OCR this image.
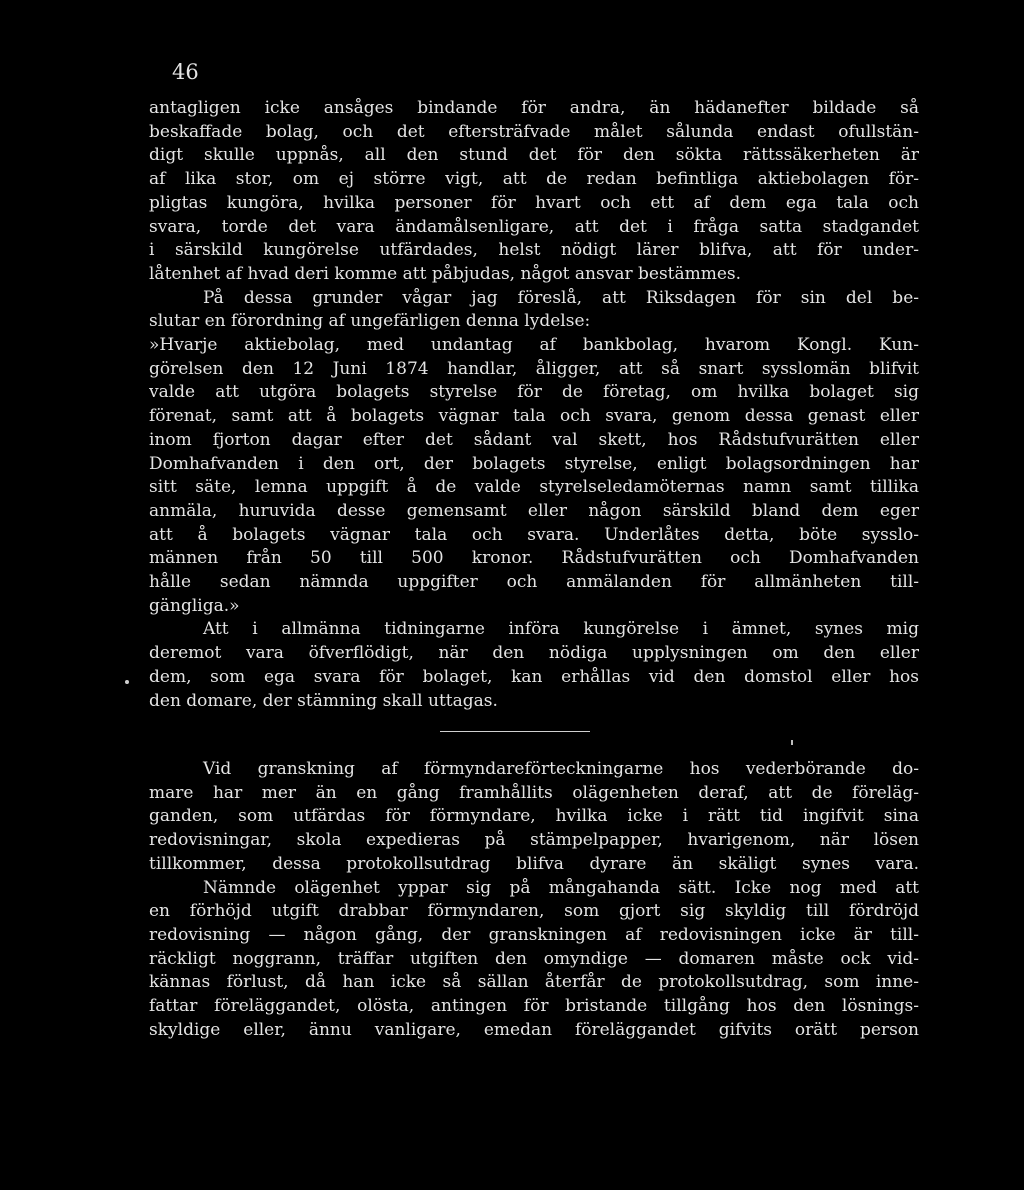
46
antagligen icke ansåges bindande för andra, än hädanefter bildade så
beskaffade bolag, och det eftersträfvade målet sålunda endast ofullstän-
digt skulle uppnås, all den stund det för den sökta rättssäkerheten är
af lika stor, om ej större vigt, att de redan befintliga aktiebolagen för-
pligtas kungöra, hvilka personer för hvart och ett af dem ega tala och
svara, torde det vara ändamålsenligare, att det i fråga satta stadgandet
i särskild kungörelse utfärdades, helst nödigt lärer blifva, att för under-
låtenhet af hvad deri komme att påbjudas, något ansvar bestämmes.
På dessa grunder vågar jag föreslå, att Riksdagen för sin del be-
slutar en förordning af ungefärligen denna lydelse:
»Hvarje aktiebolag, med undantag af bankbolag, hvarom Kongl. Kun-
görelsen den 12 Juni 1874 handlar, åligger, att så snart sysslomän blifvit
valde att utgöra bolagets styrelse för de företag, om hvilka bolaget sig
förenat, samt att å bolagets vägnar tala och svara, genom dessa genast eller
inom fjorton dagar efter det sådant val skett, hos Rådstufvurätten eller
Domhafvanden i den ort, der bolagets styrelse, enligt bolagsordningen har
sitt säte, lemna uppgift å de valde styrelseledamöternas namn samt tillika
anmäla, huruvida desse gemensamt eller någon särskild bland dem eger
att å bolagets vägnar tala och svara. Underlåtes detta, böte sysslo-
männen från 50 till 500 kronor. Rådstufvurätten och Domhafvanden
hålle sedan nämnda uppgifter och anmälanden för allmänheten till-
gängliga.»
Att i allmänna tidningarne införa kungörelse i ämnet, synes mig
deremot vara öfverflödigt, när den nödiga upplysningen om den eller
dem, som ega svara för bolaget, kan erhållas vid den domstol eller hos
den domare, der stämning skall uttagas.
Vid granskning af förmyndareförteckningarne hos vederbörande do-
mare har mer än en gång framhållits olägenheten deraf, att de föreläg-
ganden, som utfärdas för förmyndare, hvilka icke i rätt tid ingifvit sina
redovisningar, skola expedieras på stämpelpapper, hvarigenom, när lösen
tillkommer, dessa protokollsutdrag blifva dyrare än skäligt synes vara.
Nämnde olägenhet yppar sig på mångahanda sätt. Icke nog med att
en förhöjd utgift drabbar förmyndaren, som gjort sig skyldig till fördröjd
redovisning — någon gång, der granskningen af redovisningen icke är till-
räckligt noggrann, träffar utgiften den omyndige — domaren måste ock vid-
kännas förlust, då han icke så sällan återfår de protokollsutdrag, som inne-
fattar föreläggandet, olösta, antingen för bristande tillgång hos den lösnings-
skyldige eller, ännu vanligare, emedan föreläggandet gifvits orätt person
